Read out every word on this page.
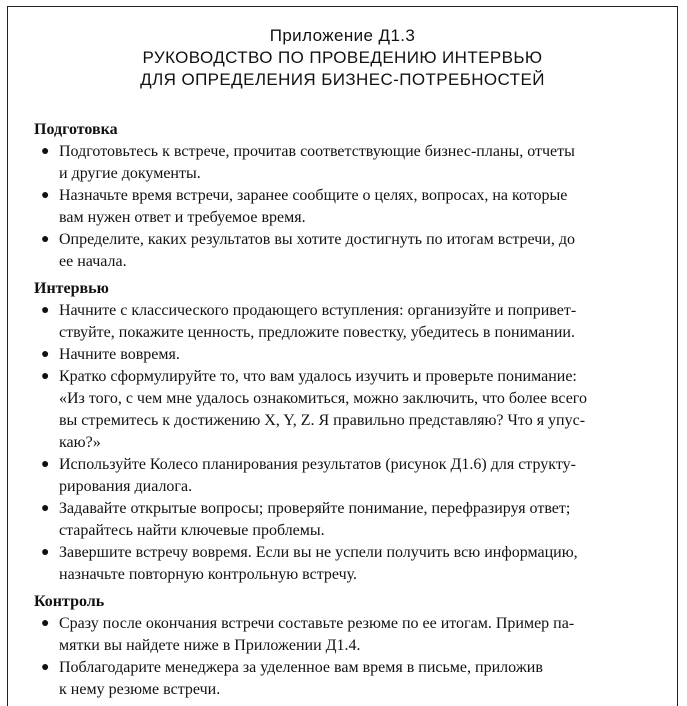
Приложение Д1.3
РУКОВОДСТВО ПО ПРОВЕДЕНИЮ ИНТЕРВЬЮ
ДЛЯ ОПРЕДЕЛЕНИЯ БИЗНЕС-ПОТРЕБНОСТЕЙ
Подготовка
● Подготовьтесь к встрече, прочитав соответствующие бизнес-планы, отчеты
и другие документы.
● Назначьте время встречи, заранее сообщите о целях, вопросах, на которые
вам нужен ответ и требуемое время.
● Определите, каких результатов вы хотите достигнуть по итогам встречи, до
ее начала.
Интервью
● Начните с классического продающего вступления: организуйте и попривет-
ствуйте, покажите ценность, предложите повестку, убедитесь в понимании.
● Начните вовремя.
● Кратко сформулируйте то, что вам удалось изучить и проверьте понимание:
«Из того, с чем мне удалось ознакомиться, можно заключить, что более всего
вы стремитесь к достижению X, Y, Z. Я правильно представляю? Что я упус-
каю?»
● Используйте Колесо планирования результатов (рисунок Д1.6) для структу-
рирования диалога.
● Задавайте открытые вопросы; проверяйте понимание, перефразируя ответ;
старайтесь найти ключевые проблемы.
● Завершите встречу вовремя. Если вы не успели получить всю информацию,
назначьте повторную контрольную встречу.
Контроль
● Сразу после окончания встречи составьте резюме по ее итогам. Пример па-
мятки вы найдете ниже в Приложении Д1.4.
● Поблагодарите менеджера за уделенное вам время в письме, приложив
к нему резюме встречи.
